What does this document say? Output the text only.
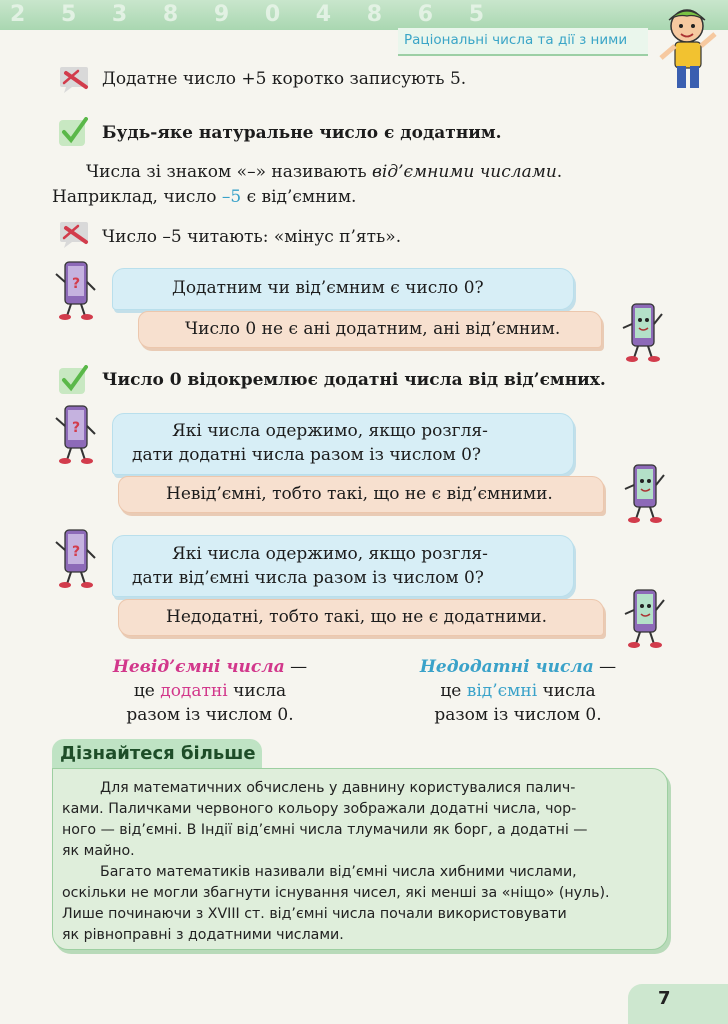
2 5 3 8 9 0 4 8 6 5
Раціональні числа та дії з ними
Додатне число +5 коротко записують 5.
Будь-яке натуральне число є додатним.
Числа зі знаком «–» називають від’ємними числами.
Наприклад, число –5 є від’ємним.
Число –5 читають: «мінус п’ять».
?	Додатним чи від’ємним є число 0?
Число 0 не є ані додатним, ані від’ємним.
Число 0 відокремлює додатні числа від від’ємних.
?	Які числа одержимо, якщо розгля-
дати додатні числа разом із числом 0?
Невід’ємні, тобто такі, що не є від’ємними.
?	Які числа одержимо, якщо розгля-
дати від’ємні числа разом із числом 0?
Недодатні, тобто такі, що не є додатними.
Невід’ємні числа —
це додатні числа
разом із числом 0.
Недодатні числа —
це від’ємні числа
разом із числом 0.
Дізнайтеся більше
Для математичних обчислень у давнину користувалися палич-
ками. Паличками червоного кольору зображали додатні числа, чор-
ного — від’ємні. В Індії від’ємні числа тлумачили як борг, а додатні —
як майно.
Багато математиків називали від’ємні числа хибними числами,
оскільки не могли збагнути існування чисел, які менші за «ніщо» (нуль).
Лише починаючи з XVIII ст. від’ємні числа почали використовувати
як рівноправні з додатними числами.
7
